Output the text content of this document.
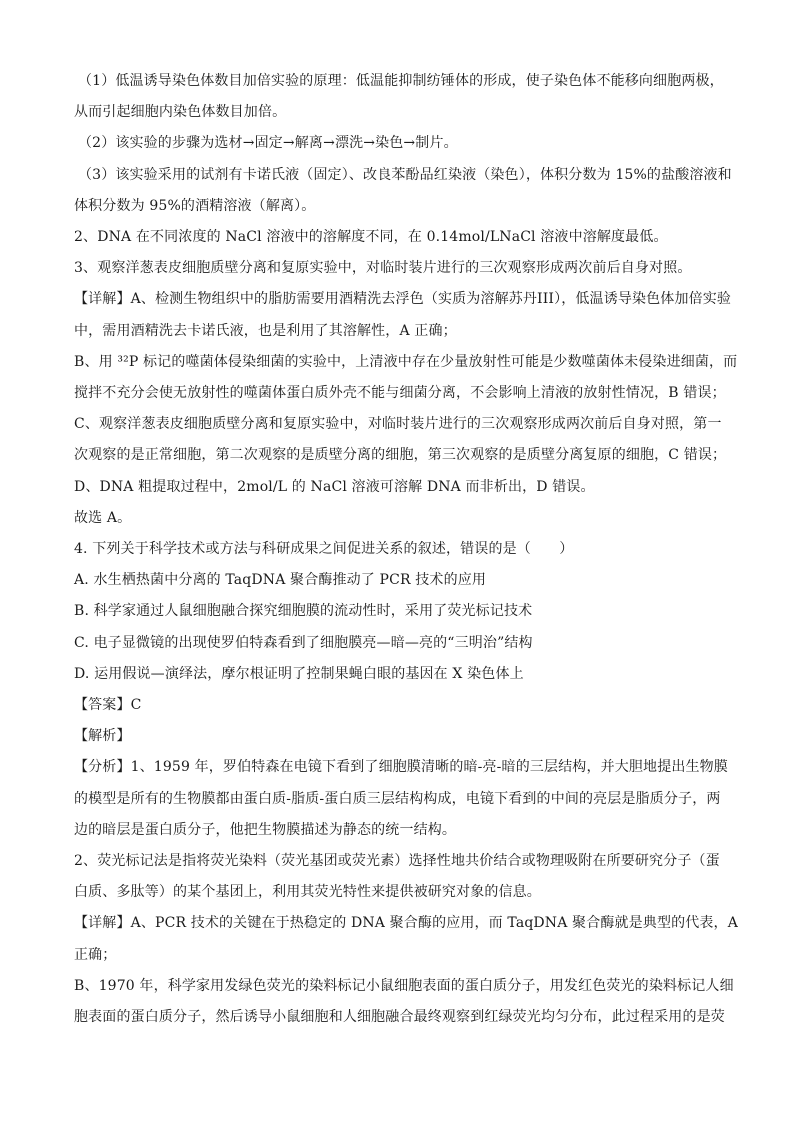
（1）低温诱导染色体数目加倍实验的原理：低温能抑制纺锤体的形成，使子染色体不能移向细胞两极，
从而引起细胞内染色体数目加倍。
（2）该实验的步骤为选材→固定→解离→漂洗→染色→制片。
（3）该实验采用的试剂有卡诺氏液（固定）、改良苯酚品红染液（染色），体积分数为 15%的盐酸溶液和
体积分数为 95%的酒精溶液（解离）。
2、DNA 在不同浓度的 NaCl 溶液中的溶解度不同，在 0.14mol/LNaCl 溶液中溶解度最低。
3、观察洋葱表皮细胞质壁分离和复原实验中，对临时装片进行的三次观察形成两次前后自身对照。
【详解】A、检测生物组织中的脂肪需要用酒精洗去浮色（实质为溶解苏丹III），低温诱导染色体加倍实验
中，需用酒精洗去卡诺氏液，也是利用了其溶解性，A 正确；
B、用 ³²P 标记的噬菌体侵染细菌的实验中，上清液中存在少量放射性可能是少数噬菌体未侵染进细菌，而
搅拌不充分会使无放射性的噬菌体蛋白质外壳不能与细菌分离，不会影响上清液的放射性情况，B 错误；
C、观察洋葱表皮细胞质壁分离和复原实验中，对临时装片进行的三次观察形成两次前后自身对照，第一
次观察的是正常细胞，第二次观察的是质壁分离的细胞，第三次观察的是质壁分离复原的细胞，C 错误；
D、DNA 粗提取过程中，2mol/L 的 NaCl 溶液可溶解 DNA 而非析出，D 错误。
故选 A。
4. 下列关于科学技术或方法与科研成果之间促进关系的叙述，错误的是（　　）
A. 水生栖热菌中分离的 TaqDNA 聚合酶推动了 PCR 技术的应用
B. 科学家通过人鼠细胞融合探究细胞膜的流动性时，采用了荧光标记技术
C. 电子显微镜的出现使罗伯特森看到了细胞膜亮—暗—亮的“三明治”结构
D. 运用假说—演绎法，摩尔根证明了控制果蝇白眼的基因在 X 染色体上
【答案】C
【解析】
【分析】1、1959 年，罗伯特森在电镜下看到了细胞膜清晰的暗-亮-暗的三层结构，并大胆地提出生物膜
的模型是所有的生物膜都由蛋白质-脂质-蛋白质三层结构构成，电镜下看到的中间的亮层是脂质分子，两
边的暗层是蛋白质分子，他把生物膜描述为静态的统一结构。
2、荧光标记法是指将荧光染料（荧光基团或荧光素）选择性地共价结合或物理吸附在所要研究分子（蛋
白质、多肽等）的某个基团上，利用其荧光特性来提供被研究对象的信息。
【详解】A、PCR 技术的关键在于热稳定的 DNA 聚合酶的应用，而 TaqDNA 聚合酶就是典型的代表，A
正确；
B、1970 年，科学家用发绿色荧光的染料标记小鼠细胞表面的蛋白质分子，用发红色荧光的染料标记人细
胞表面的蛋白质分子，然后诱导小鼠细胞和人细胞融合最终观察到红绿荧光均匀分布，此过程采用的是荧
